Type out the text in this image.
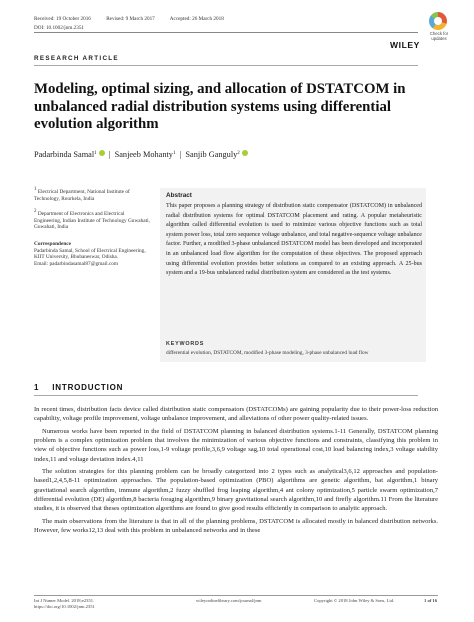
Received: 19 October 2016	Revised: 9 March 2017	Accepted: 26 March 2018
DOI: 10.1002/jnm.2351
Check for updates
WILEY
RESEARCH ARTICLE
Modeling, optimal sizing, and allocation of DSTATCOM in unbalanced radial distribution systems using differential evolution algorithm
Padarbinda Samal$^1$ | Sanjeeb Mohanty$^1$ | Sanjib Ganguly$^2$
1 Electrical Department, National Institute of Technology, Rourkela, India
2 Department of Electronics and Electrical Engineering, Indian Institute of Technology Guwahati, Guwahati, India
Correspondence
Padarbinda Samal, School of Electrical Engineering, KIIT University, Bhubaneswar, Odisha.
Email: padarbindasamal87@gmail.com
Abstract
This paper proposes a planning strategy of distribution static compensator (DSTATCOM) in unbalanced radial distribution systems for optimal DSTATCOM placement and rating. A popular metaheuristic algorithm called differential evolution is used to minimize various objective functions such as total system power loss, total zero sequence voltage unbalance, and total negative-sequence voltage unbalance factor. Further, a modified 3-phase unbalanced DSTATCOM model has been developed and incorporated in an unbalanced load flow algorithm for the computation of these objectives. The proposed approach using differential evolution provides better solutions as compared to an existing approach. A 25-bus system and a 19-bus unbalanced radial distribution system are considered as the test systems.
KEYWORDS
differential evolution, DSTATCOM, modified 3-phase modeling, 3-phase unbalanced load flow
1 INTRODUCTION

In recent times, distribution facts device called distribution static compensators (DSTATCOMs) are gaining popularity due to their power-loss reduction capability, voltage profile improvement, voltage unbalance improvement, and alleviations of other power quality-related issues.

Numerous works have been reported in the field of DSTATCOM planning in balanced distribution systems.1-11 Generally, DSTATCOM planning problem is a complex optimization problem that involves the minimization of various objective functions and constraints, classifying this problem in view of objective functions such as power loss,1-9 voltage profile,3,6,9 voltage sag,10 total operational cost,10 load balancing index,3 voltage stability index,11 and voltage deviation index.4,11

The solution strategies for this planning problem can be broadly categorized into 2 types such as analytical3,6,12 approaches and population-based1,2,4,5,8-11 optimization approaches. The population-based optimization (PBO) algorithms are genetic algorithm, bat algorithm,1 binary gravitational search algorithm, immune algorithm,2 fuzzy shuffled frog leaping algorithm,4 ant colony optimization,5 particle swarm optimization,7 differential evolution (DE) algorithm,8 bacteria foraging algorithm,9 binary gravitational search algorithm,10 and firefly algorithm.11 From the literature studies, it is observed that theses optimization algorithms are found to give good results efficiently in comparison to analytic approach.

The main observations from the literature is that in all of the planning problems, DSTATCOM is allocated mostly in balanced distribution networks. However, few works12,13 deal with this problem in unbalanced networks and in these

Int J Numer Model. 2018;e2351.
https://doi.org/10.1002/jnm.2351
wileyonlinelibrary.com/journal/jnm	Copyright © 2018 John Wiley & Sons, Ltd.	1 of 16
